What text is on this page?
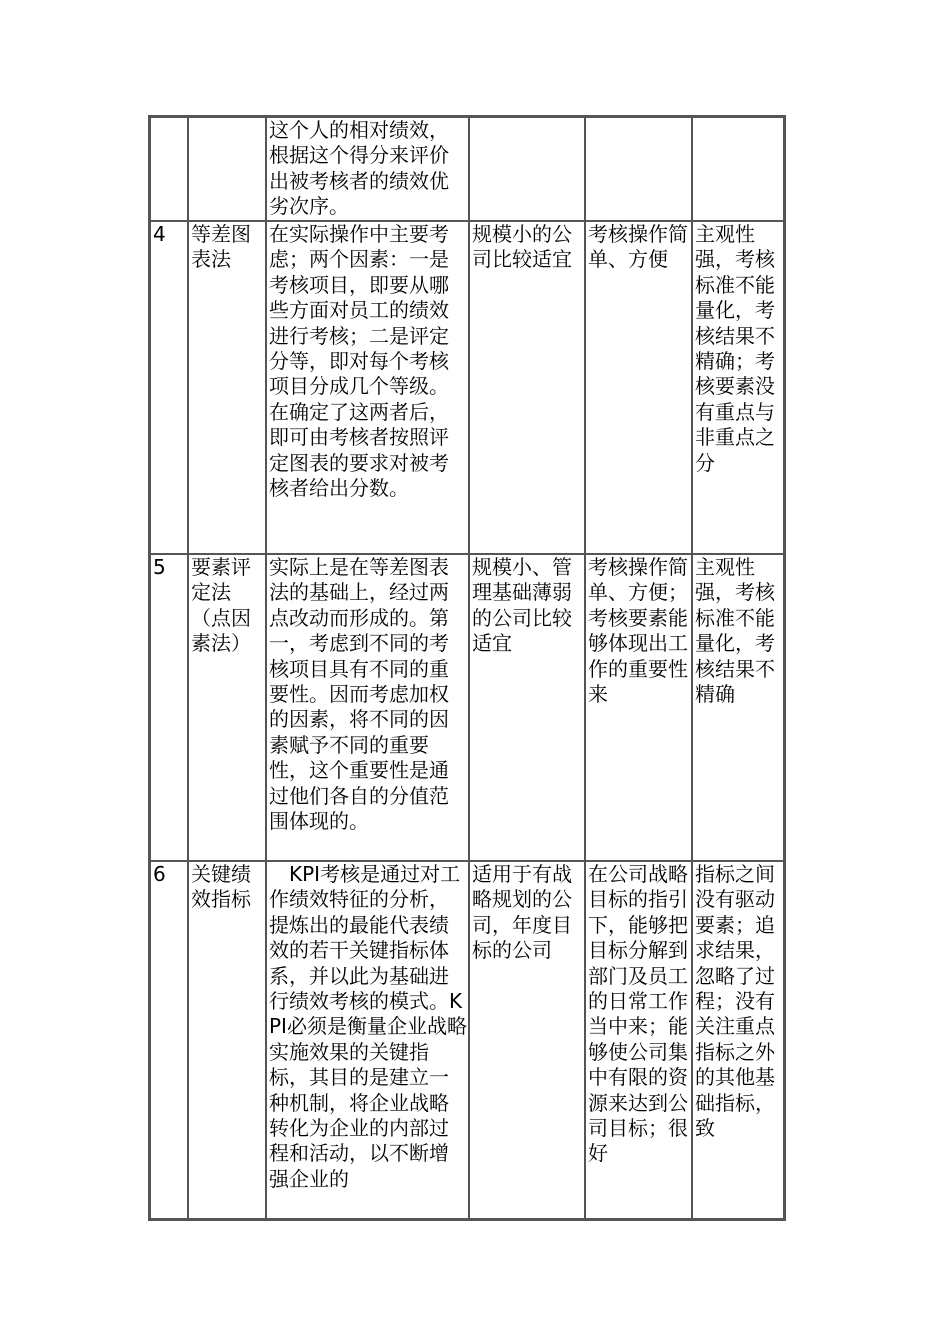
		这个人的相对绩效，根据这个得分来评价出被考核者的绩效优劣次序。			
4	等差图表法	在实际操作中主要考虑；两个因素：一是考核项目，即要从哪些方面对员工的绩效进行考核；二是评定分等，即对每个考核项目分成几个等级。在确定了这两者后，即可由考核者按照评定图表的要求对被考核者给出分数。	规模小的公司比较适宜	考核操作简单、方便	主观性强，考核标准不能量化，考核结果不精确；考核要素没有重点与非重点之分
5	要素评定法（点因素法）	实际上是在等差图表法的基础上，经过两点改动而形成的。第一，考虑到不同的考核项目具有不同的重要性。因而考虑加权的因素，将不同的因素赋予不同的重要性，这个重要性是通过他们各自的分值范围体现的。	规模小、管理基础薄弱的公司比较适宜	考核操作简单、方便；考核要素能够体现出工作的重要性来	主观性强，考核标准不能量化，考核结果不精确
6	关键绩效指标	KPI考核是通过对工作绩效特征的分析，提炼出的最能代表绩效的若干关键指标体系，并以此为基础进行绩效考核的模式。KPI必须是衡量企业战略实施效果的关键指标，其目的是建立一种机制，将企业战略转化为企业的内部过程和活动，以不断增强企业的	适用于有战略规划的公司，年度目标的公司	在公司战略目标的指引下，能够把目标分解到部门及员工的日常工作当中来；能够使公司集中有限的资源来达到公司目标；很好	指标之间没有驱动要素；追求结果，忽略了过程；没有关注重点指标之外的其他基础指标，致
